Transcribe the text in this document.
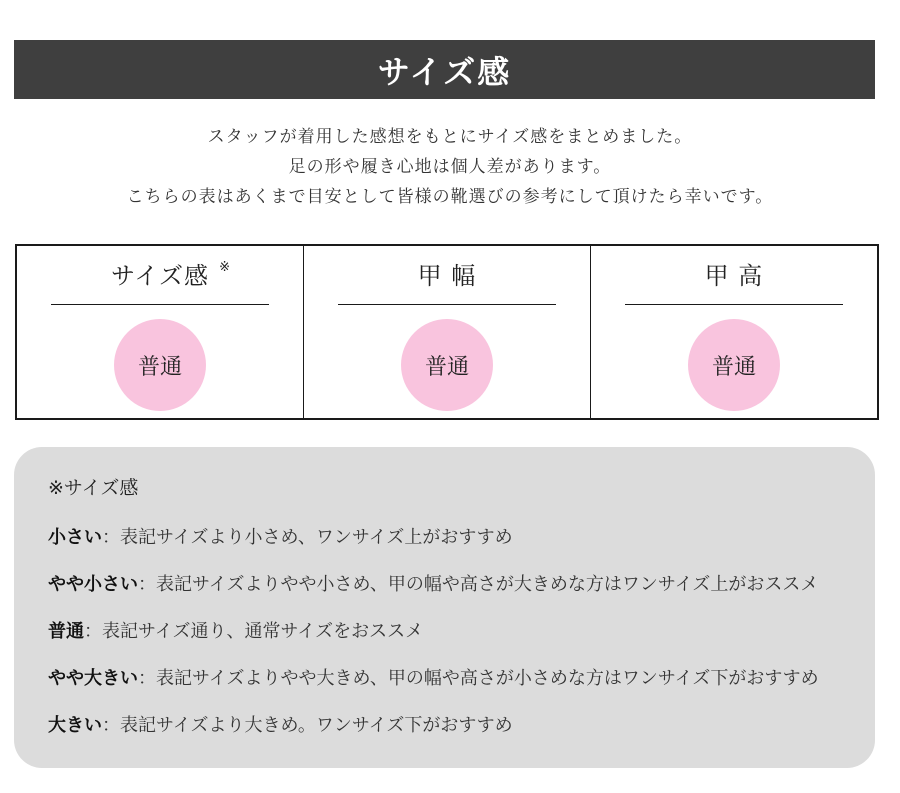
サイズ感
スタッフが着用した感想をもとにサイズ感をまとめました。
足の形や履き心地は個人差があります。
こちらの表はあくまで目安として皆様の靴選びの参考にして頂けたら幸いです。
サイズ感 ※
普通
甲 幅
普通
甲 高
普通
※サイズ感
小さい：表記サイズより小さめ、ワンサイズ上がおすすめ
やや小さい：表記サイズよりやや小さめ、甲の幅や高さが大きめな方はワンサイズ上がおススメ
普通：表記サイズ通り、通常サイズをおススメ
やや大きい：表記サイズよりやや大きめ、甲の幅や高さが小さめな方はワンサイズ下がおすすめ
大きい：表記サイズより大きめ。ワンサイズ下がおすすめ
